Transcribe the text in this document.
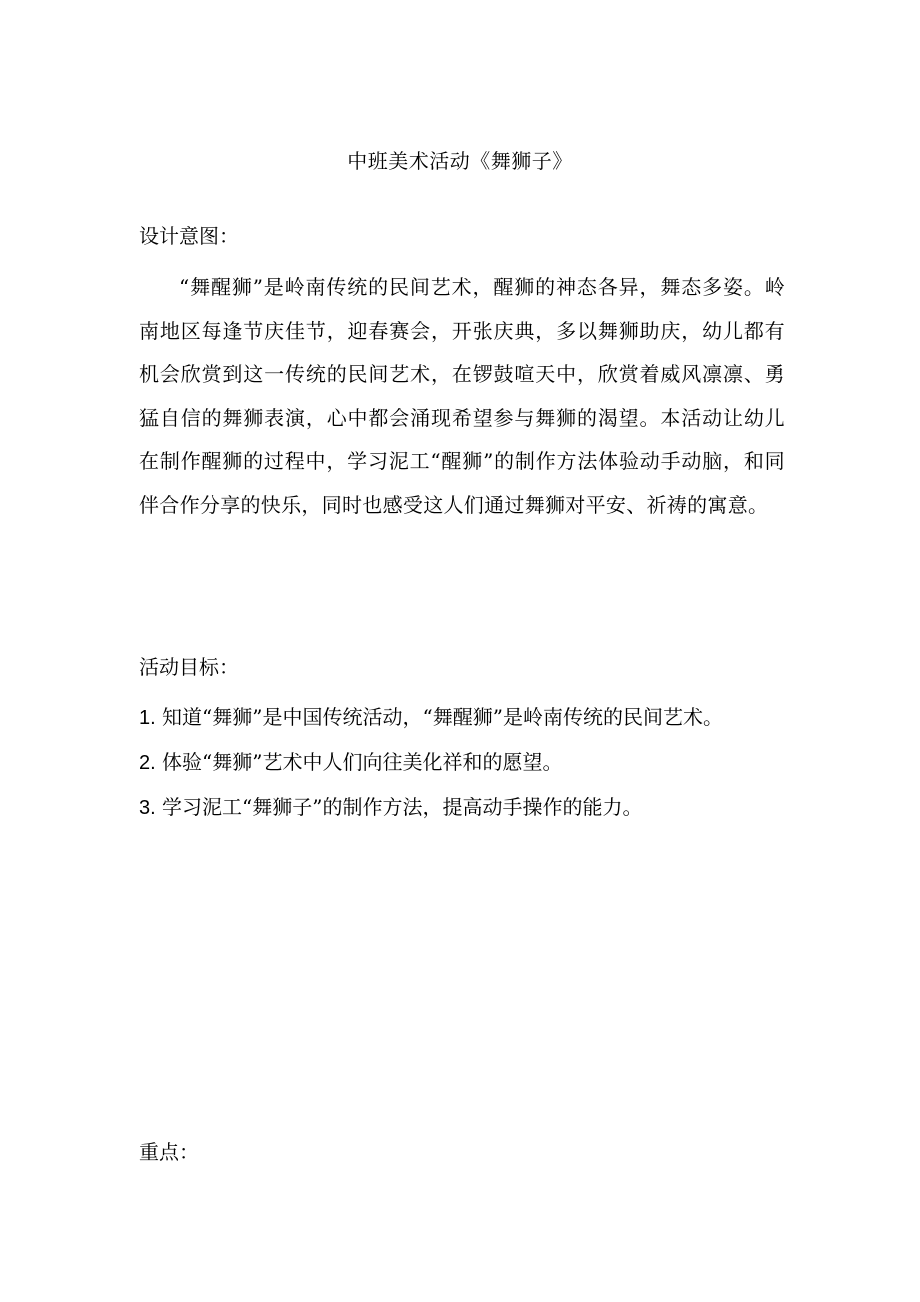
中班美术活动《舞狮子》
设计意图：
“舞醒狮”是岭南传统的民间艺术，醒狮的神态各异，舞态多姿。岭南地区每逢节庆佳节，迎春赛会，开张庆典，多以舞狮助庆，幼儿都有机会欣赏到这一传统的民间艺术，在锣鼓喧天中，欣赏着威风凛凛、勇猛自信的舞狮表演，心中都会涌现希望参与舞狮的渴望。本活动让幼儿在制作醒狮的过程中，学习泥工“醒狮”的制作方法体验动手动脑，和同伴合作分享的快乐，同时也感受这人们通过舞狮对平安、祈祷的寓意。
活动目标：
1. 知道“舞狮”是中国传统活动，“舞醒狮”是岭南传统的民间艺术。
2. 体验“舞狮”艺术中人们向往美化祥和的愿望。
3. 学习泥工“舞狮子”的制作方法，提高动手操作的能力。
重点：
